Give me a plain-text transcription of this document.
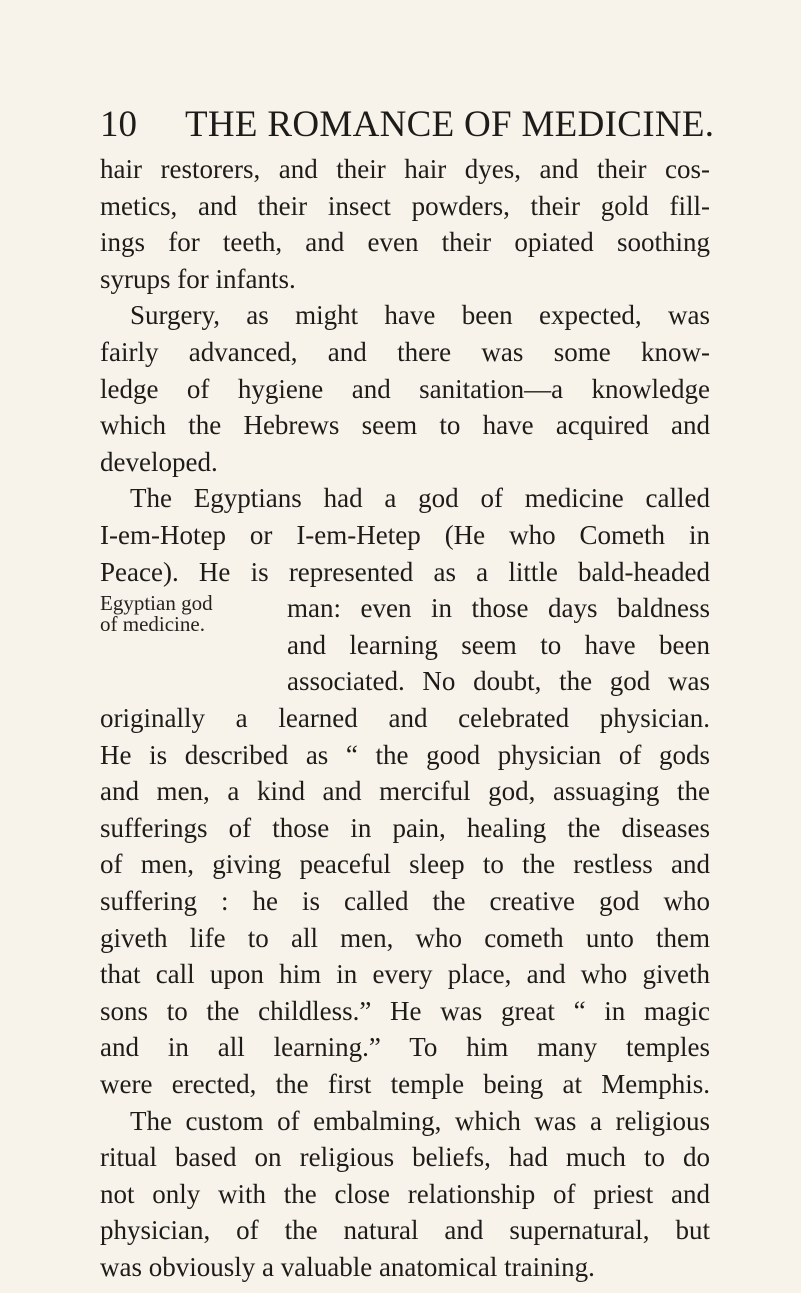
10 THE ROMANCE OF MEDICINE.
Egyptian god
of medicine.
hair restorers, and their hair dyes, and their cos-
metics, and their insect powders, their gold fill-
ings for teeth, and even their opiated soothing
syrups for infants.
Surgery, as might have been expected, was
fairly advanced, and there was some know-
ledge of hygiene and sanitation—a knowledge
which the Hebrews seem to have acquired and
developed.
The Egyptians had a god of medicine called
I-em-Hotep or I-em-Hetep (He who Cometh in
Peace). He is represented as a little bald-headed
man: even in those days baldness
and learning seem to have been
associated. No doubt, the god was
originally a learned and celebrated physician.
He is described as “ the good physician of gods
and men, a kind and merciful god, assuaging the
sufferings of those in pain, healing the diseases
of men, giving peaceful sleep to the restless and
suffering : he is called the creative god who
giveth life to all men, who cometh unto them
that call upon him in every place, and who giveth
sons to the childless.” He was great “ in magic
and in all learning.” To him many temples
were erected, the first temple being at Memphis.
The custom of embalming, which was a religious
ritual based on religious beliefs, had much to do
not only with the close relationship of priest and
physician, of the natural and supernatural, but
was obviously a valuable anatomical training.
